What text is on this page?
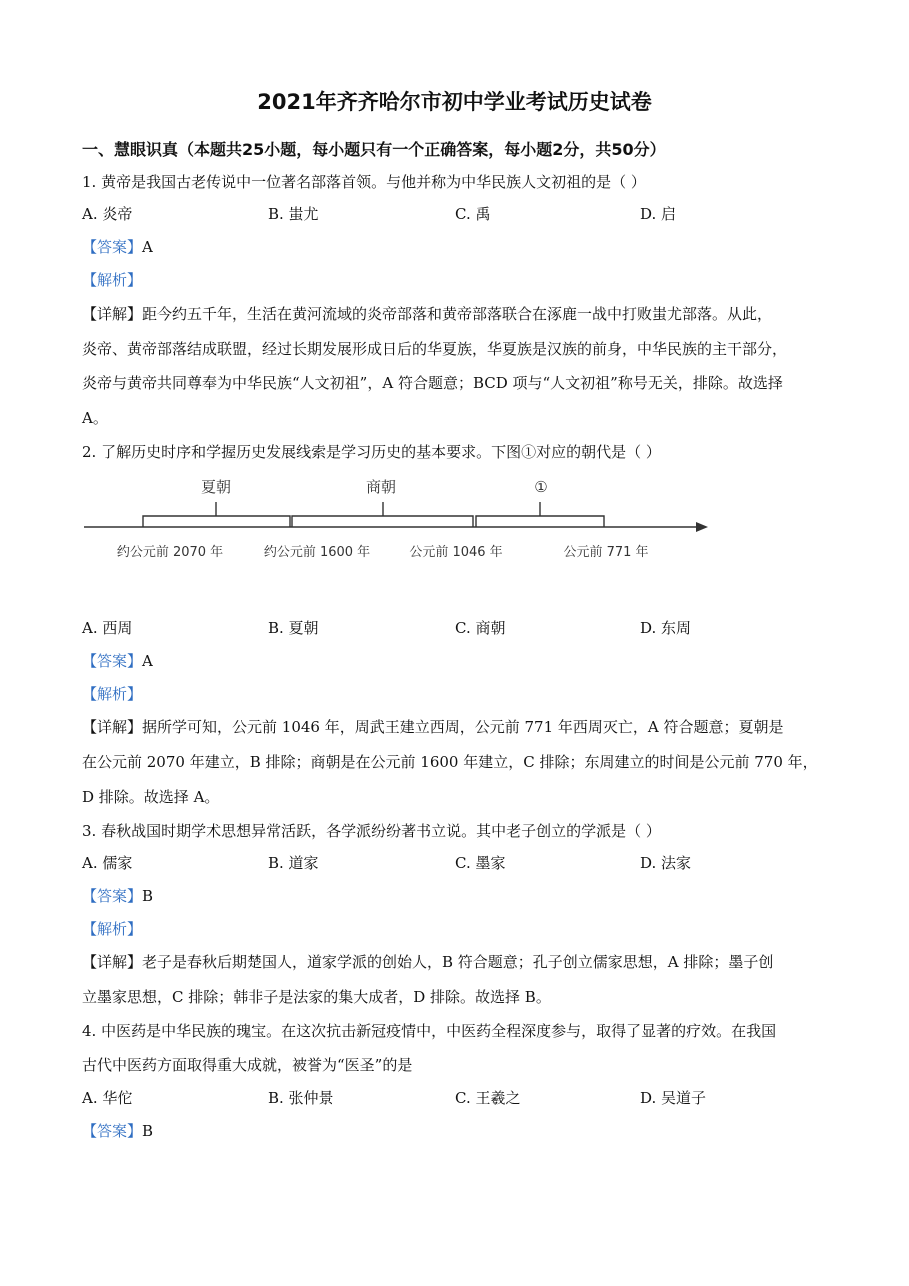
2021年齐齐哈尔市初中学业考试历史试卷
一、慧眼识真（本题共25小题，每小题只有一个正确答案，每小题2分，共50分）
1. 黄帝是我国古老传说中一位著名部落首领。与他并称为中华民族人文初祖的是（ ）
A. 炎帝	B. 蚩尤	C. 禹	D. 启
【答案】A
【解析】
【详解】距今约五千年，生活在黄河流域的炎帝部落和黄帝部落联合在涿鹿一战中打败蚩尤部落。从此，
炎帝、黄帝部落结成联盟，经过长期发展形成日后的华夏族，华夏族是汉族的前身，中华民族的主干部分，
炎帝与黄帝共同尊奉为中华民族“人文初祖”，A 符合题意；BCD 项与“人文初祖”称号无关，排除。故选择
A。
2. 了解历史时序和学握历史发展线索是学习历史的基本要求。下图①对应的朝代是（ ）
夏朝	商朝	①
约公元前 2070 年	约公元前 1600 年	公元前 1046 年	公元前 771 年
A. 西周	B. 夏朝	C. 商朝	D. 东周
【答案】A
【解析】
【详解】据所学可知，公元前 1046 年，周武王建立西周，公元前 771 年西周灭亡，A 符合题意；夏朝是
在公元前 2070 年建立，B 排除；商朝是在公元前 1600 年建立，C 排除；东周建立的时间是公元前 770 年，
D 排除。故选择 A。
3. 春秋战国时期学术思想异常活跃，各学派纷纷著书立说。其中老子创立的学派是（ ）
A. 儒家	B. 道家	C. 墨家	D. 法家
【答案】B
【解析】
【详解】老子是春秋后期楚国人，道家学派的创始人，B 符合题意；孔子创立儒家思想，A 排除；墨子创
立墨家思想，C 排除；韩非子是法家的集大成者，D 排除。故选择 B。
4. 中医药是中华民族的瑰宝。在这次抗击新冠疫情中，中医药全程深度参与，取得了显著的疗效。在我国
古代中医药方面取得重大成就，被誉为“医圣”的是
A. 华佗	B. 张仲景	C. 王羲之	D. 吴道子
【答案】B
